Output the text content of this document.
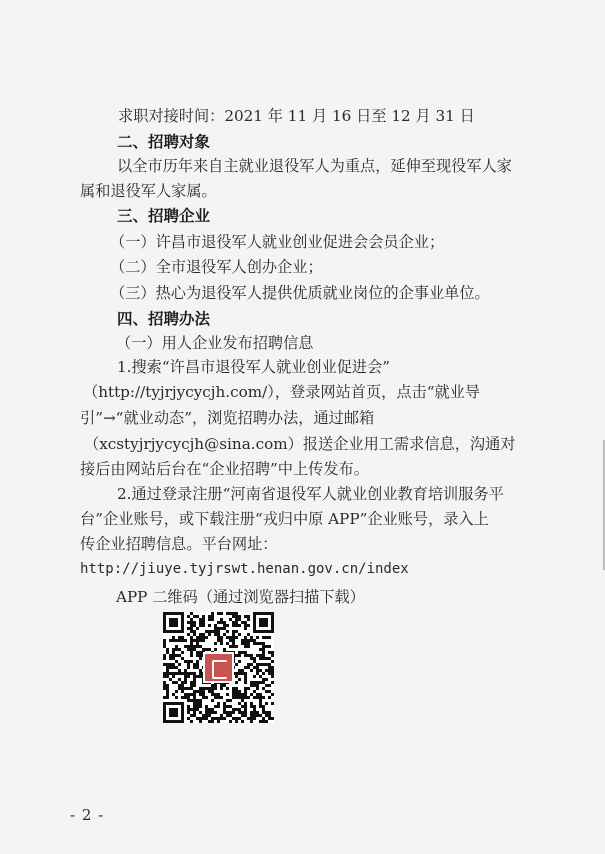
求职对接时间：2021 年 11 月 16 日至 12 月 31 日
二、招聘对象
以全市历年来自主就业退役军人为重点，延伸至现役军人家
属和退役军人家属。
三、招聘企业
（一）许昌市退役军人就业创业促进会会员企业；
（二）全市退役军人创办企业；
（三）热心为退役军人提供优质就业岗位的企事业单位。
四、招聘办法
（一）用人企业发布招聘信息
1.搜索“许昌市退役军人就业创业促进会”
（http://tyjrjycycjh.com/），登录网站首页，点击“就业导
引”→“就业动态”，浏览招聘办法，通过邮箱
（xcstyjrjycycjh@sina.com）报送企业用工需求信息，沟通对
接后由网站后台在“企业招聘”中上传发布。
2.通过登录注册“河南省退役军人就业创业教育培训服务平
台”企业账号，或下载注册“戎归中原 APP”企业账号，录入上
传企业招聘信息。平台网址：
http://jiuye.tyjrswt.henan.gov.cn/index
APP 二维码（通过浏览器扫描下载）
- 2 -
